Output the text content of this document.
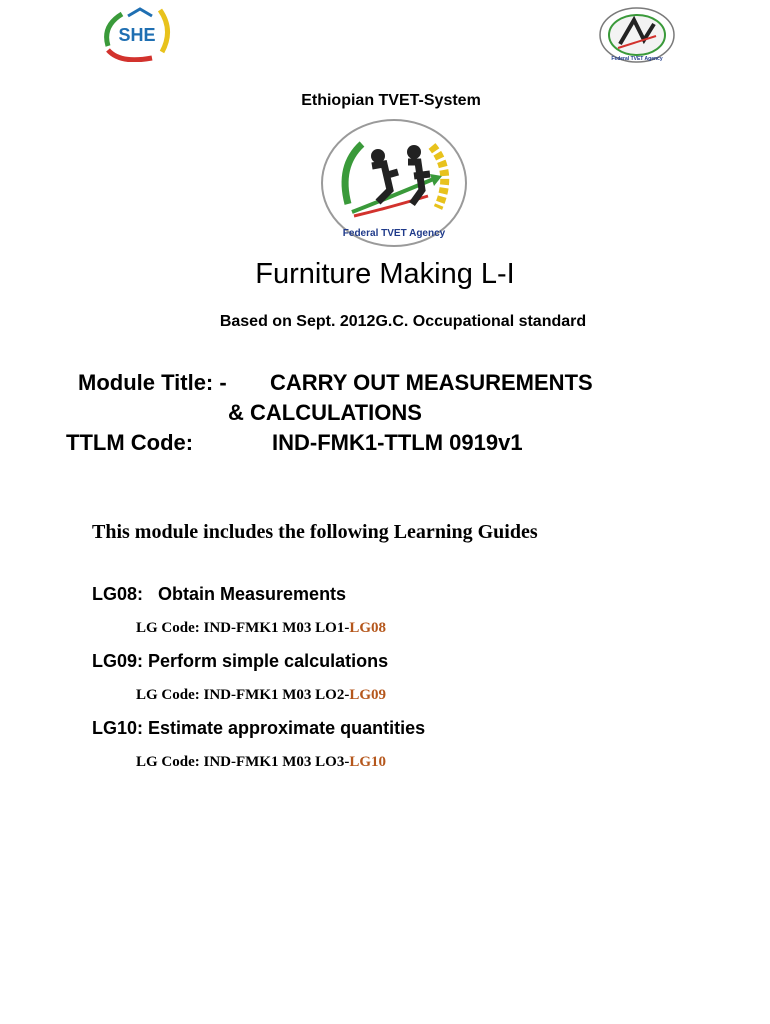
SHE
Federal TVET Agency
Ethiopian TVET-System
Federal TVET Agency
Furniture Making L-I
Based on Sept. 2012G.C. Occupational standard
Module Title: - CARRY OUT MEASUREMENTS
& CALCULATIONS
TTLM Code:	IND-FMK1-TTLM 0919v1
This module includes the following Learning Guides
LG08:   Obtain Measurements
LG Code: IND-FMK1 M03 LO1-LG08
LG09: Perform simple calculations
LG Code: IND-FMK1 M03 LO2-LG09
LG10: Estimate approximate quantities
LG Code: IND-FMK1 M03 LO3-LG10
